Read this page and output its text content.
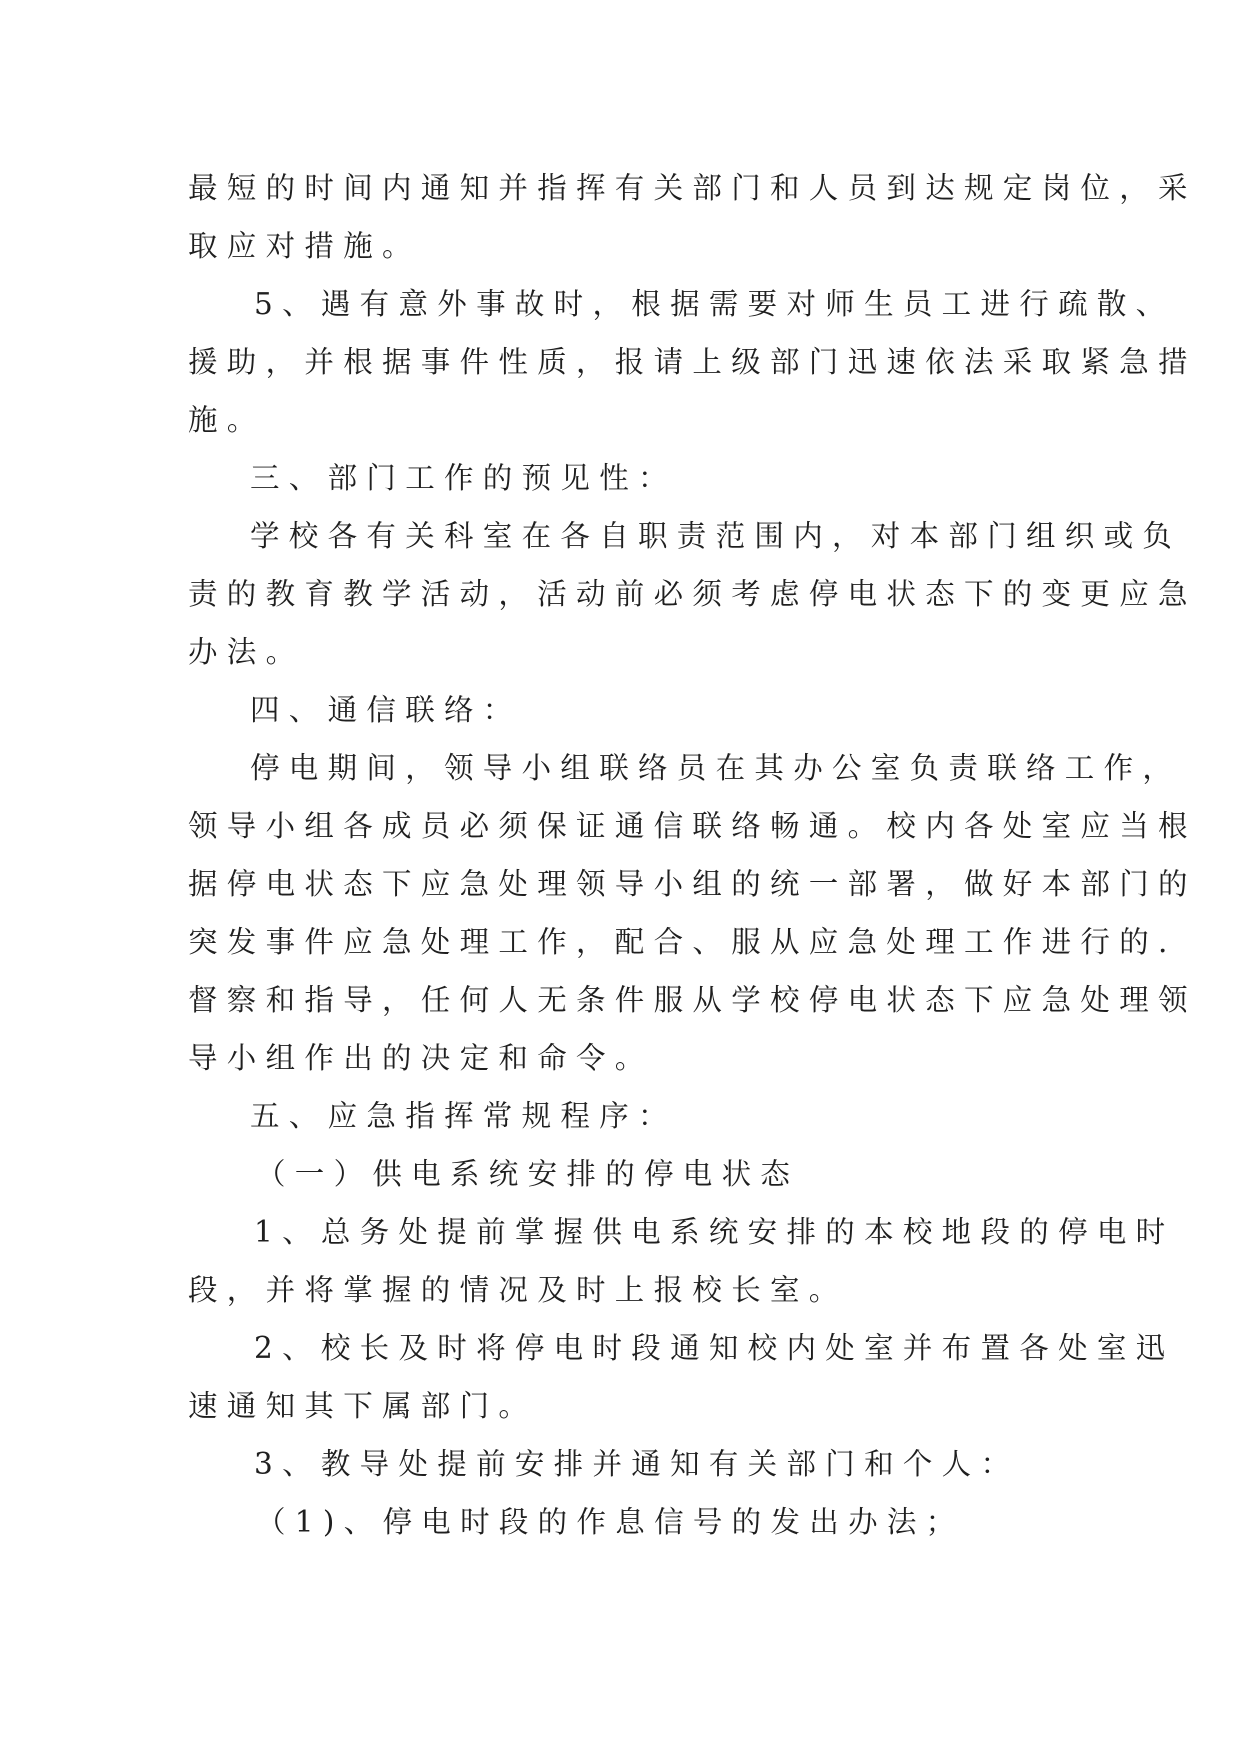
最短的时间内通知并指挥有关部门和人员到达规定岗位，采
取应对措施。
5、遇有意外事故时，根据需要对师生员工进行疏散、
援助，并根据事件性质，报请上级部门迅速依法采取紧急措
施。
三、部门工作的预见性：
学校各有关科室在各自职责范围内，对本部门组织或负
责的教育教学活动，活动前必须考虑停电状态下的变更应急
办法。
四、通信联络：
停电期间，领导小组联络员在其办公室负责联络工作，
领导小组各成员必须保证通信联络畅通。校内各处室应当根
据停电状态下应急处理领导小组的统一部署，做好本部门的
突发事件应急处理工作，配合、服从应急处理工作进行的.
督察和指导，任何人无条件服从学校停电状态下应急处理领
导小组作出的决定和命令。
五、应急指挥常规程序：
（一）供电系统安排的停电状态
1、总务处提前掌握供电系统安排的本校地段的停电时
段，并将掌握的情况及时上报校长室。
2、校长及时将停电时段通知校内处室并布置各处室迅
速通知其下属部门。
3、教导处提前安排并通知有关部门和个人：
（1)、停电时段的作息信号的发出办法；
